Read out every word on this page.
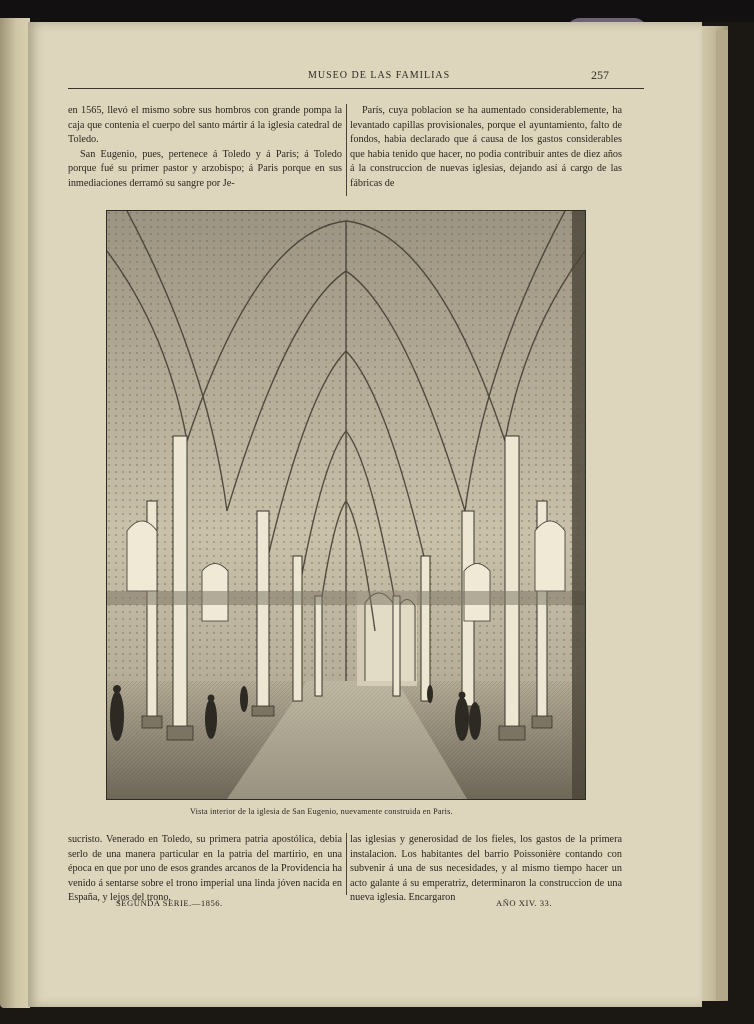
MUSEO DE LAS FAMILIAS	257

en 1565, llevó el mismo sobre sus hombros con grande pompa la caja que contenia el cuerpo del santo mártir á la iglesia catedral de Toledo.

San Eugenio, pues, pertenece á Toledo y á Paris; á Toledo porque fué su primer pastor y arzobispo; á Paris porque en sus inmediaciones derramó su sangre por Je-

París, cuya poblacion se ha aumentado considerablemente, ha levantado capillas provisionales, porque el ayuntamiento, falto de fondos, habia declarado que á causa de los gastos considerables que habia tenido que hacer, no podia contribuir antes de diez años á la construccion de nuevas iglesias, dejando así á cargo de las fábricas de

Vista interior de la iglesia de San Eugenio, nuevamente construida en Paris.

sucristo. Venerado en Toledo, su primera patria apostólica, debia serlo de una manera particular en la patria del martirio, en una época en que por uno de esos grandes arcanos de la Providencia ha venido á sentarse sobre el trono imperial una linda jóven nacida en España, y lejos del trono.

las iglesias y generosidad de los fieles, los gastos de la primera instalacion. Los habitantes del barrio Poissonière contando con subvenir á una de sus necesidades, y al mismo tiempo hacer un acto galante á su emperatriz, determinaron la construccion de una nueva iglesia. Encargaron

SEGUNDA SERIE.—1856.	AÑO XIV. 33.
